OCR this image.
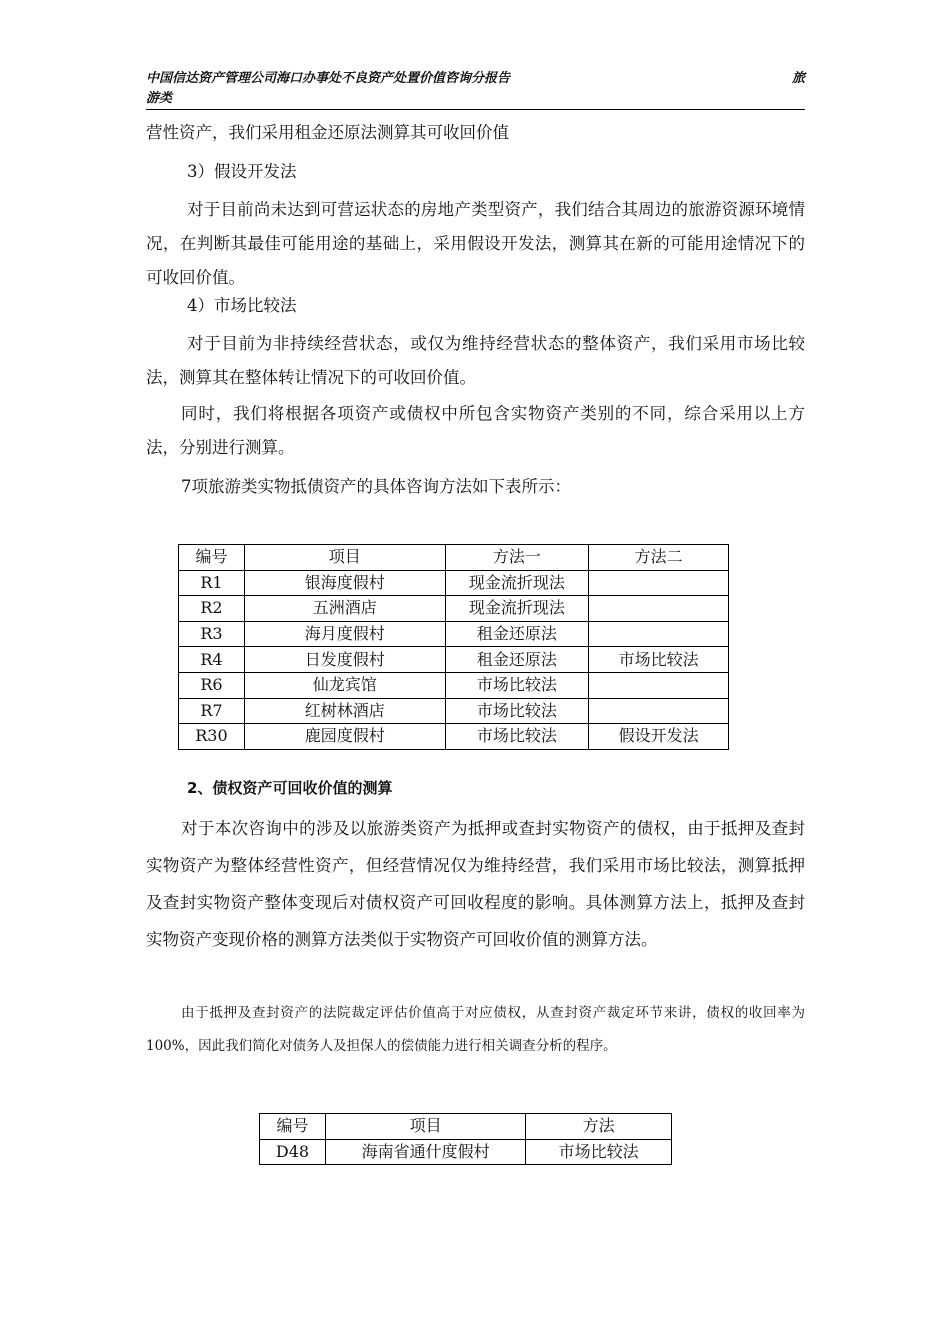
中国信达资产管理公司海口办事处不良资产处置价值咨询分报告	旅
游类
营性资产，我们采用租金还原法测算其可收回价值
3）假设开发法
对于目前尚未达到可营运状态的房地产类型资产，我们结合其周边的旅游资源环境情况，在判断其最佳可能用途的基础上，采用假设开发法，测算其在新的可能用途情况下的可收回价值。
4）市场比较法
对于目前为非持续经营状态，或仅为维持经营状态的整体资产，我们采用市场比较法，测算其在整体转让情况下的可收回价值。
同时，我们将根据各项资产或债权中所包含实物资产类别的不同，综合采用以上方法，分别进行测算。
7项旅游类实物抵债资产的具体咨询方法如下表所示：
编号	项目	方法一	方法二
R1	银海度假村	现金流折现法	
R2	五洲酒店	现金流折现法	
R3	海月度假村	租金还原法	
R4	日发度假村	租金还原法	市场比较法
R6	仙龙宾馆	市场比较法	
R7	红树林酒店	市场比较法	
R30	鹿园度假村	市场比较法	假设开发法
2、债权资产可回收价值的测算
对于本次咨询中的涉及以旅游类资产为抵押或查封实物资产的债权，由于抵押及查封实物资产为整体经营性资产，但经营情况仅为维持经营，我们采用市场比较法，测算抵押及查封实物资产整体变现后对债权资产可回收程度的影响。具体测算方法上，抵押及查封实物资产变现价格的测算方法类似于实物资产可回收价值的测算方法。
由于抵押及查封资产的法院裁定评估价值高于对应债权，从查封资产裁定环节来讲，债权的收回率为100%，因此我们简化对债务人及担保人的偿债能力进行相关调查分析的程序。
编号	项目	方法
D48	海南省通什度假村	市场比较法
